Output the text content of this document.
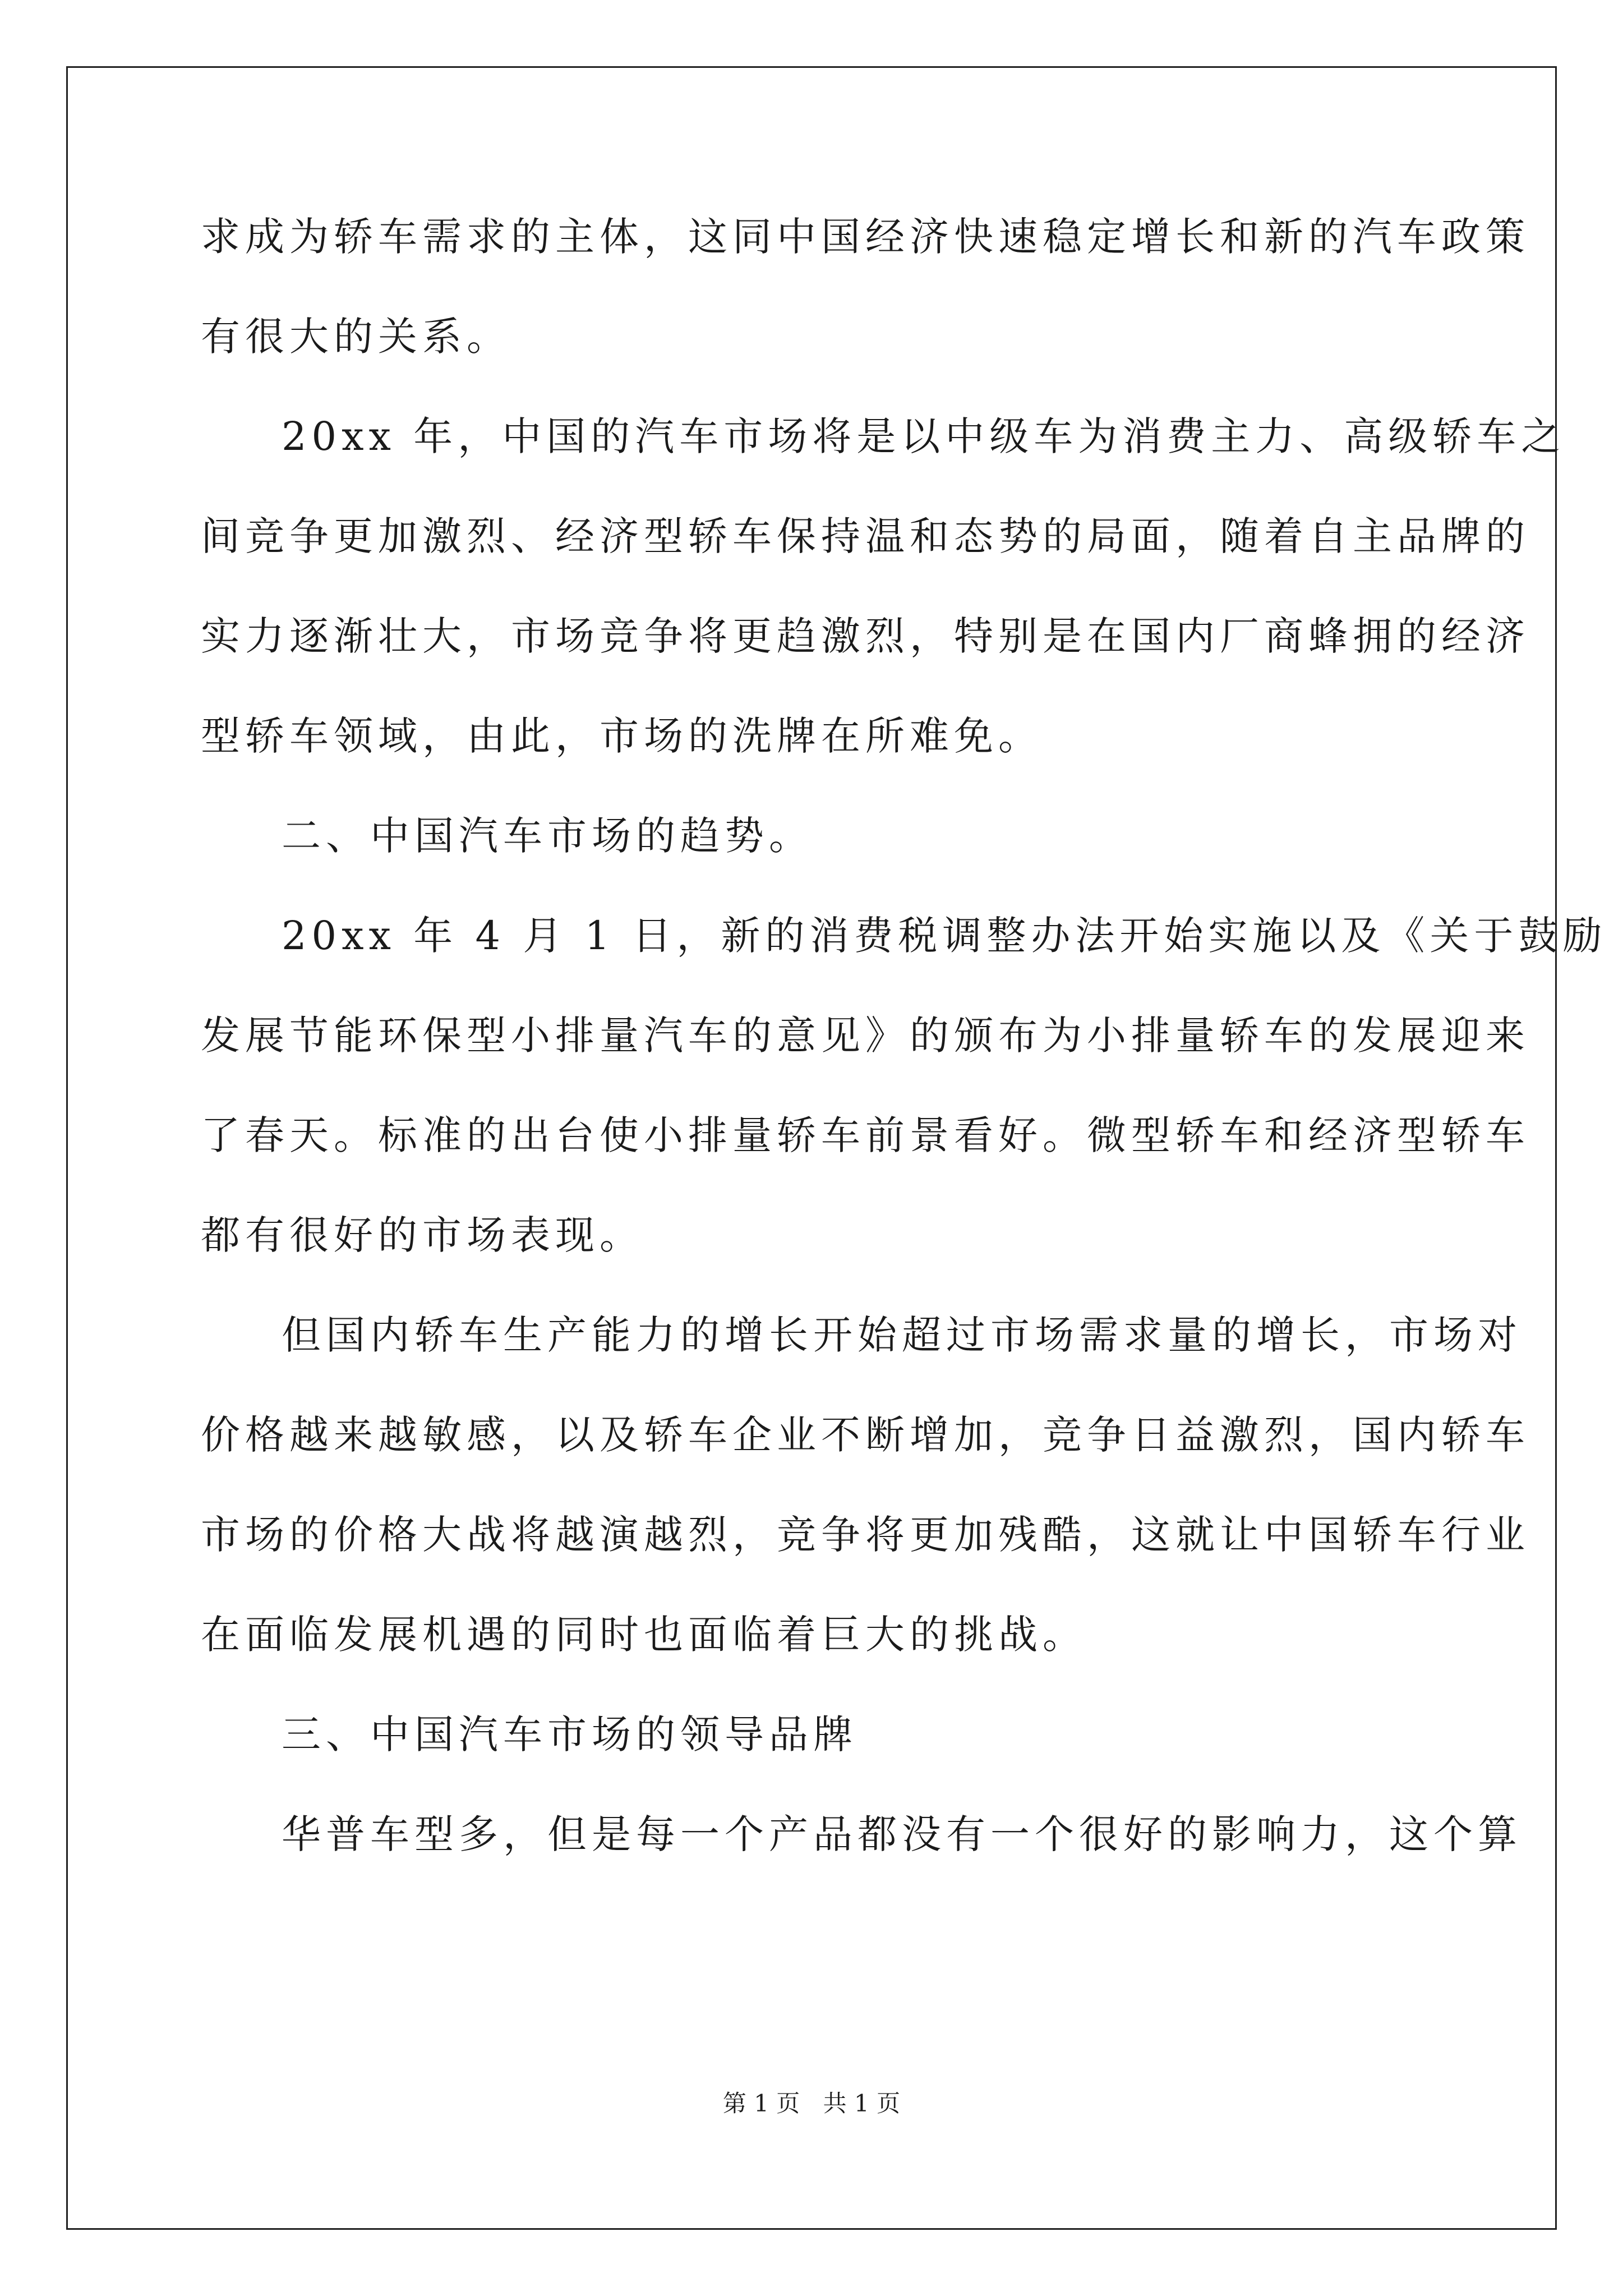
求成为轿车需求的主体，这同中国经济快速稳定增长和新的汽车政策

有很大的关系。

20xx 年，中国的汽车市场将是以中级车为消费主力、高级轿车之

间竞争更加激烈、经济型轿车保持温和态势的局面，随着自主品牌的

实力逐渐壮大，市场竞争将更趋激烈，特别是在国内厂商蜂拥的经济

型轿车领域，由此，市场的洗牌在所难免。

二、中国汽车市场的趋势。

20xx 年 4 月 1 日，新的消费税调整办法开始实施以及《关于鼓励

发展节能环保型小排量汽车的意见》的颁布为小排量轿车的发展迎来

了春天。标准的出台使小排量轿车前景看好。微型轿车和经济型轿车

都有很好的市场表现。

但国内轿车生产能力的增长开始超过市场需求量的增长，市场对

价格越来越敏感，以及轿车企业不断增加，竞争日益激烈，国内轿车

市场的价格大战将越演越烈，竞争将更加残酷，这就让中国轿车行业

在面临发展机遇的同时也面临着巨大的挑战。

三、中国汽车市场的领导品牌

华普车型多，但是每一个产品都没有一个很好的影响力，这个算

第 1 页 共 1 页
